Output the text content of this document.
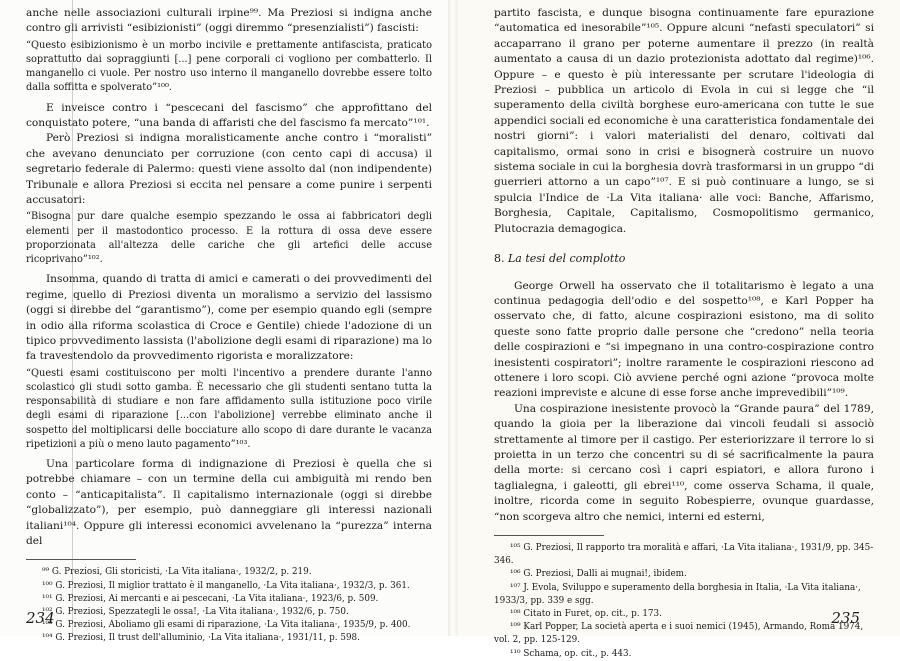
anche nelle associazioni culturali irpine⁹⁹. Ma Preziosi si indigna anche contro gli arrivisti “esibizionisti” (oggi diremmo “presenzialisti”) fascisti:

“Questo esibizionismo è un morbo incivile e prettamente antifascista, praticato soprattutto dai sopraggiunti [...] pene corporali ci vogliono per combatterlo. Il manganello ci vuole. Per nostro uso interno il manganello dovrebbe essere tolto dalla soffitta e spolverato”¹⁰⁰.

E inveisce contro i “pescecani del fascismo” che approfittano del conquistato potere, “una banda di affaristi che del fascismo fa mercato”¹⁰¹.

Però Preziosi si indigna moralisticamente anche contro i “moralisti” che avevano denunciato per corruzione (con cento capi di accusa) il segretario federale di Palermo: questi viene assolto dal (non indipendente) Tribunale e allora Preziosi si eccita nel pensare a come punire i serpenti accusatori:

“Bisogna pur dare qualche esempio spezzando le ossa ai fabbricatori degli elementi per il mastodontico processo. E la rottura di ossa deve essere proporzionata all'altezza delle cariche che gli artefici delle accuse ricoprivano”¹⁰².

Insomma, quando di tratta di amici e camerati o dei provvedimenti del regime, quello di Preziosi diventa un moralismo a servizio del lassismo (oggi si direbbe del “garantismo”), come per esempio quando egli (sempre in odio alla riforma scolastica di Croce e Gentile) chiede l'adozione di un tipico provvedimento lassista (l'abolizione degli esami di riparazione) ma lo fa travestendolo da provvedimento rigorista e moralizzatore:

“Questi esami costituiscono per molti l'incentivo a prendere durante l'anno scolastico gli studi sotto gamba. È necessario che gli studenti sentano tutta la responsabilità di studiare e non fare affidamento sulla istituzione poco virile degli esami di riparazione [...con l'abolizione] verrebbe eliminato anche il sospetto del moltiplicarsi delle bocciature allo scopo di dare durante le vacanza ripetizioni a più o meno lauto pagamento”¹⁰³.

Una particolare forma di indignazione di Preziosi è quella che si potrebbe chiamare – con un termine della cui ambiguità mi rendo ben conto – “anticapitalista”. Il capitalismo internazionale (oggi si direbbe “globalizzato”), per esempio, può danneggiare gli interessi nazionali italiani¹⁰⁴. Oppure gli interessi economici avvelenano la “purezza” interna del

⁹⁹ G. Preziosi, Gli storicisti, ·La Vita italiana·, 1932/2, p. 219.

¹⁰⁰ G. Preziosi, Il miglior trattato è il manganello, ·La Vita italiana·, 1932/3, p. 361.

¹⁰¹ G. Preziosi, Ai mercanti e ai pescecani, ·La Vita italiana·, 1923/6, p. 509.

¹⁰² G. Preziosi, Spezzategli le ossa!, ·La Vita italiana·, 1932/6, p. 750.

¹⁰³ G. Preziosi, Aboliamo gli esami di riparazione, ·La Vita italiana·, 1935/9, p. 400.

¹⁰⁴ G. Preziosi, Il trust dell'alluminio, ·La Vita italiana·, 1931/11, p. 598.

234

partito fascista, e dunque bisogna continuamente fare epurazione “automatica ed inesorabile”¹⁰⁵. Oppure alcuni “nefasti speculatori” si accaparrano il grano per poterne aumentare il prezzo (in realtà aumentato a causa di un dazio protezionista adottato dal regime)¹⁰⁶. Oppure – e questo è più interessante per scrutare l'ideologia di Preziosi – pubblica un articolo di Evola in cui si legge che “il superamento della civiltà borghese euro-americana con tutte le sue appendici sociali ed economiche è una caratteristica fondamentale dei nostri giorni”: i valori materialisti del denaro, coltivati dal capitalismo, ormai sono in crisi e bisognerà costruire un nuovo sistema sociale in cui la borghesia dovrà trasformarsi in un gruppo “di guerrieri attorno a un capo”¹⁰⁷. E si può continuare a lungo, se si spulcia l'Indice de ·La Vita italiana· alle voci: Banche, Affarismo, Borghesia, Capitale, Capitalismo, Cosmopolitismo germanico, Plutocrazia demagogica.

8. La tesi del complotto

George Orwell ha osservato che il totalitarismo è legato a una continua pedagogia dell'odio e del sospetto¹⁰⁸, e Karl Popper ha osservato che, di fatto, alcune cospirazioni esistono, ma di solito queste sono fatte proprio dalle persone che “credono” nella teoria delle cospirazioni e “si impegnano in una contro-cospirazione contro inesistenti cospiratori”; inoltre raramente le cospirazioni riescono ad ottenere i loro scopi. Ciò avviene perché ogni azione “provoca molte reazioni impreviste e alcune di esse forse anche imprevedibili”¹⁰⁹.

Una cospirazione inesistente provocò la “Grande paura” del 1789, quando la gioia per la liberazione dai vincoli feudali si associò strettamente al timore per il castigo. Per esteriorizzare il terrore lo si proietta in un terzo che concentri su di sé sacrificalmente la paura della morte: si cercano così i capri espiatori, e allora furono i taglialegna, i galeotti, gli ebrei¹¹⁰, come osserva Schama, il quale, inoltre, ricorda come in seguito Robespierre, ovunque guardasse, “non scorgeva altro che nemici, interni ed esterni,

¹⁰⁵ G. Preziosi, Il rapporto tra moralità e affari, ·La Vita italiana·, 1931/9, pp. 345-346.

¹⁰⁶ G. Preziosi, Dalli ai mugnai!, ibidem.

¹⁰⁷ J. Evola, Sviluppo e superamento della borghesia in Italia, ·La Vita italiana·, 1933/3, pp. 339 e sgg.

¹⁰⁸ Citato in Furet, op. cit., p. 173.

¹⁰⁹ Karl Popper, La società aperta e i suoi nemici (1945), Armando, Roma 1974, vol. 2, pp. 125-129.

¹¹⁰ Schama, op. cit., p. 443.

235
